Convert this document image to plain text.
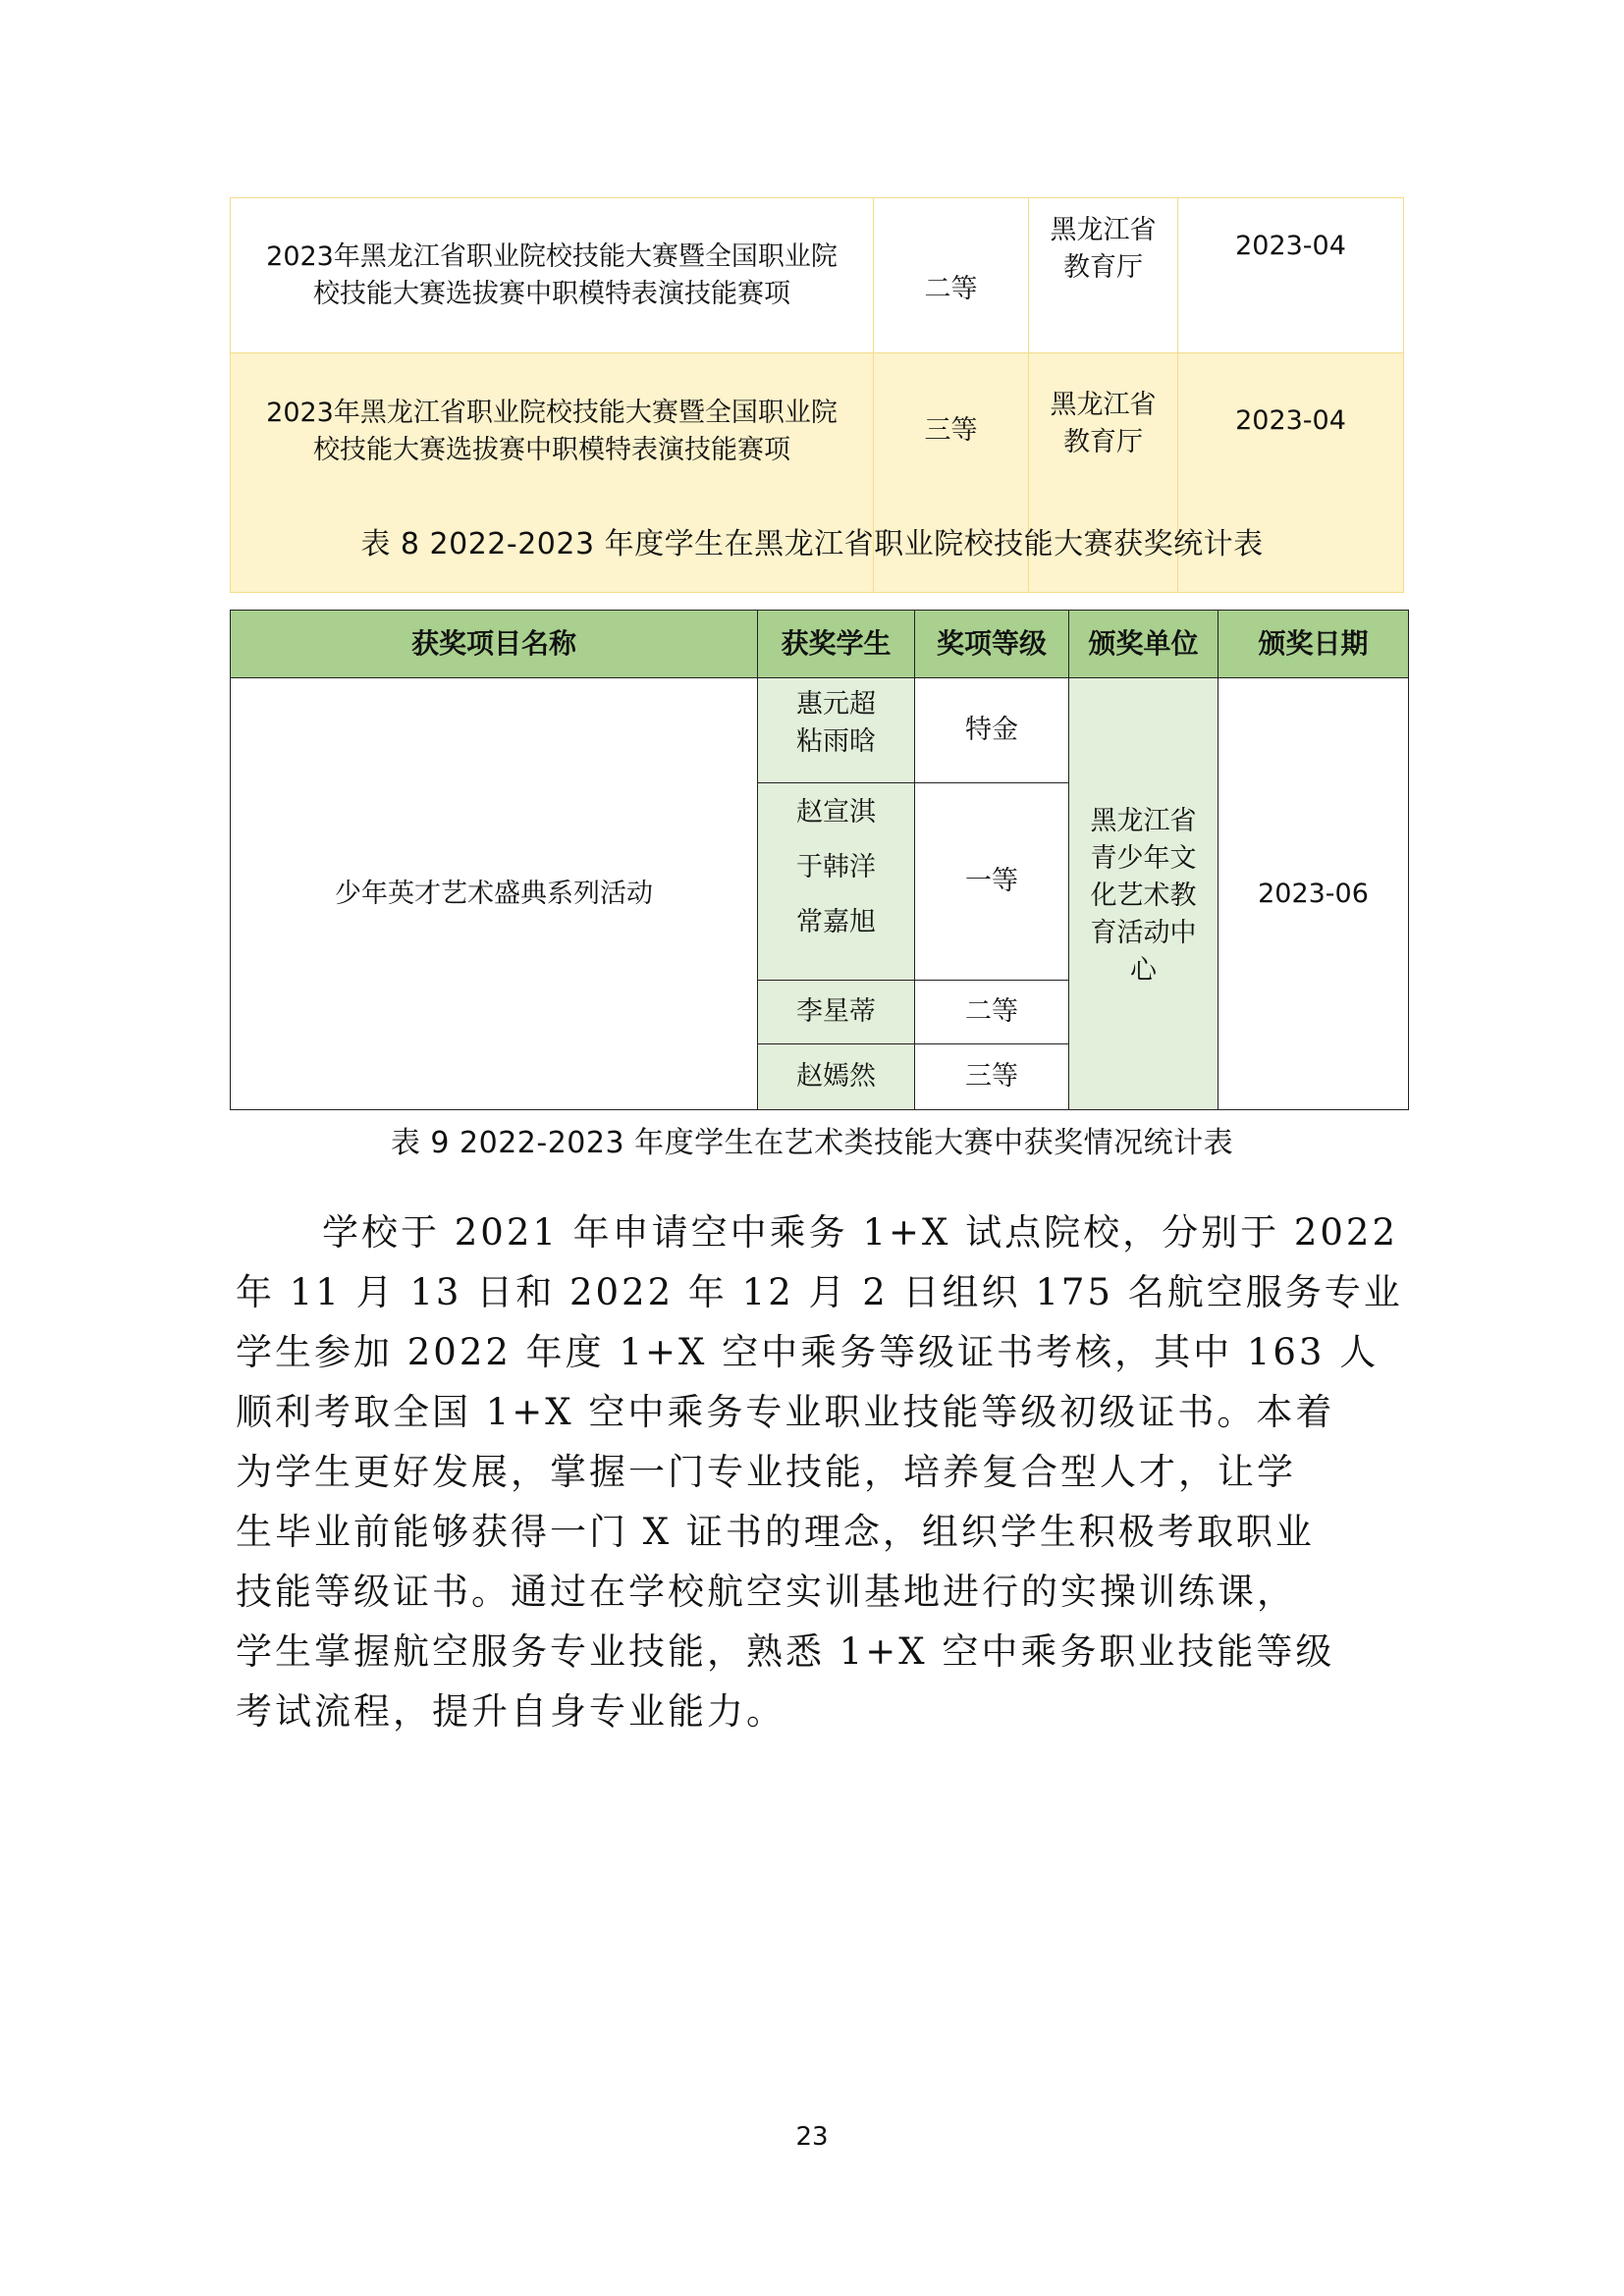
2023年黑龙江省职业院校技能大赛暨全国职业院
校技能大赛选拔赛中职模特表演技能赛项	二等	黑龙江省
教育厅	2023-04

2023年黑龙江省职业院校技能大赛暨全国职业院
校技能大赛选拔赛中职模特表演技能赛项	三等	黑龙江省
教育厅	2023-04
表 8 2022-2023 年度学生在黑龙江省职业院校技能大赛获奖统计表
获奖项目名称	获奖学生	奖项等级	颁奖单位	颁奖日期
少年英才艺术盛典系列活动	惠元超
粘雨晗	特金	黑龙江省
青少年文
化艺术教
育活动中
心	2023-06

	赵宣淇
于韩洋
常嘉旭	一等		
	李星蒂	二等		
	赵嫣然	三等		
表 9 2022-2023 年度学生在艺术类技能大赛中获奖情况统计表
学校于 2021 年申请空中乘务 1+X 试点院校，分别于 2022
年 11 月 13 日和 2022 年 12 月 2 日组织 175 名航空服务专业
学生参加 2022 年度 1+X 空中乘务等级证书考核，其中 163 人
顺利考取全国 1+X 空中乘务专业职业技能等级初级证书。本着
为学生更好发展，掌握一门专业技能，培养复合型人才，让学
生毕业前能够获得一门 X 证书的理念，组织学生积极考取职业
技能等级证书。通过在学校航空实训基地进行的实操训练课，
学生掌握航空服务专业技能，熟悉 1+X 空中乘务职业技能等级
考试流程，提升自身专业能力。
23
